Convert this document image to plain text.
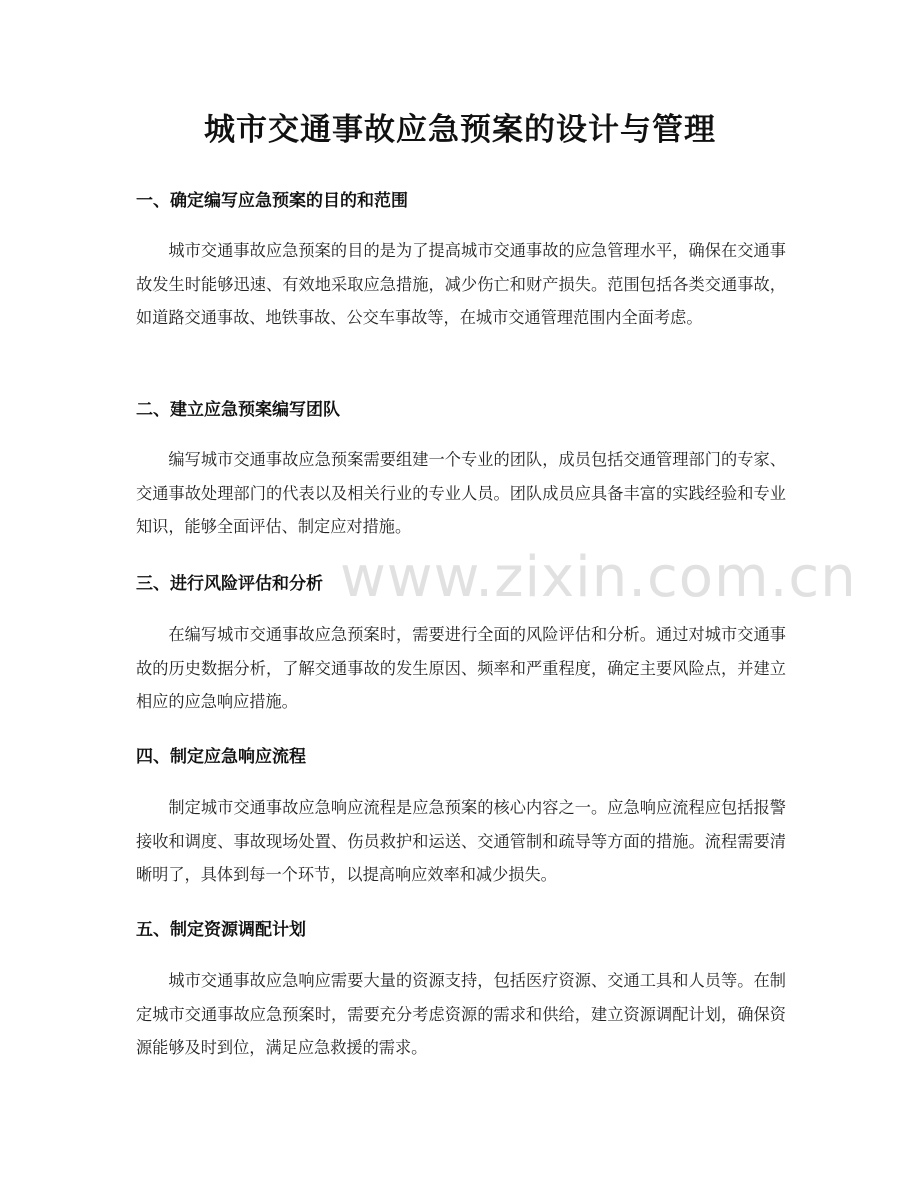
城市交通事故应急预案的设计与管理
一、确定编写应急预案的目的和范围

城市交通事故应急预案的目的是为了提高城市交通事故的应急管理水平，确保在交通事故发生时能够迅速、有效地采取应急措施，减少伤亡和财产损失。范围包括各类交通事故，如道路交通事故、地铁事故、公交车事故等，在城市交通管理范围内全面考虑。

二、建立应急预案编写团队

编写城市交通事故应急预案需要组建一个专业的团队，成员包括交通管理部门的专家、交通事故处理部门的代表以及相关行业的专业人员。团队成员应具备丰富的实践经验和专业知识，能够全面评估、制定应对措施。

三、进行风险评估和分析

在编写城市交通事故应急预案时，需要进行全面的风险评估和分析。通过对城市交通事故的历史数据分析，了解交通事故的发生原因、频率和严重程度，确定主要风险点，并建立相应的应急响应措施。

四、制定应急响应流程

制定城市交通事故应急响应流程是应急预案的核心内容之一。应急响应流程应包括报警接收和调度、事故现场处置、伤员救护和运送、交通管制和疏导等方面的措施。流程需要清晰明了，具体到每一个环节，以提高响应效率和减少损失。

五、制定资源调配计划

城市交通事故应急响应需要大量的资源支持，包括医疗资源、交通工具和人员等。在制定城市交通事故应急预案时，需要充分考虑资源的需求和供给，建立资源调配计划，确保资源能够及时到位，满足应急救援的需求。

www.zixin.com.cn
